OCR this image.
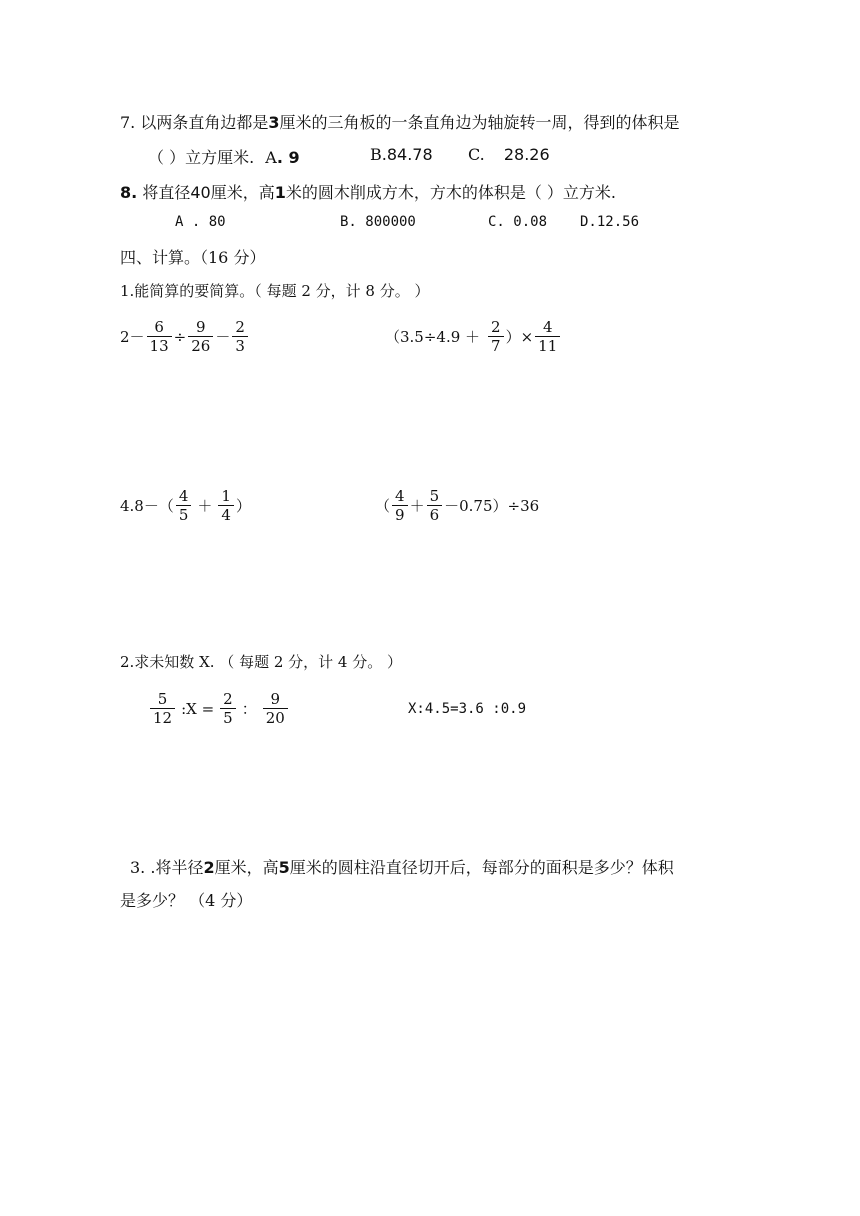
7. 以两条直角边都是3厘米的三角板的一条直角边为轴旋转一周，得到的体积是
（ ）立方厘米. A. 9	B.84.78 C. 28.26
8. 将直径40厘米，高1米的圆木削成方木，方木的体积是（ ）立方米.
A . 80	B. 800000	C. 0.08 D.12.56
四、计算。（16 分）
1.能简算的要简算。（ 每题 2 分，计 8 分。 ）
$2- \frac{6}{13} \div \frac{9}{26} - \frac{2}{3}$	（$3.5\div 4.9 + \frac{2}{7}$ ）× $\frac{4}{11}$
$4.8-( \frac{4}{5} + \frac{1}{4}$ ）	（ $\frac{4}{9} + \frac{5}{6} -0.75)\div 36$
2.求未知数 X. （ 每题 2 分，计 4 分。 ）
$\frac{5}{12}$ :X = $\frac{2}{5}$ ： $\frac{9}{20}$	X:4.5=3.6 :0.9
3. .将半径2厘米，高5厘米的圆柱沿直径切开后，每部分的面积是多少？体积
是多少？ （4 分）
